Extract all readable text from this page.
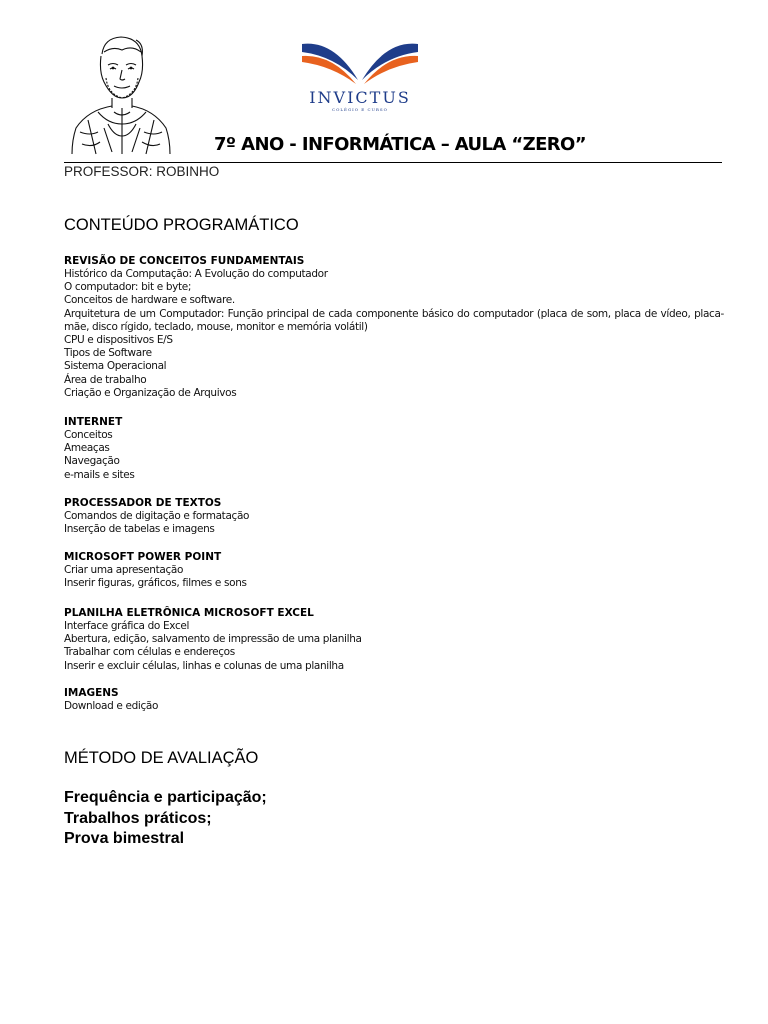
INVICTUS
COLÉGIO E CURSO
7º ANO - INFORMÁTICA – AULA “ZERO”
PROFESSOR: ROBINHO
CONTEÚDO PROGRAMÁTICO
REVISÃO DE CONCEITOS FUNDAMENTAIS
Histórico da Computação: A Evolução do computador
O computador: bit e byte;
Conceitos de hardware e software.
Arquitetura de um Computador: Função principal de cada componente básico do computador (placa de som, placa de vídeo, placa-mãe, disco rígido, teclado, mouse, monitor e memória volátil)
CPU e dispositivos E/S
Tipos de Software
Sistema Operacional
Área de trabalho
Criação e Organização de Arquivos
INTERNET
Conceitos
Ameaças
Navegação
e-mails e sites
PROCESSADOR DE TEXTOS
Comandos de digitação e formatação
Inserção de tabelas e imagens
MICROSOFT POWER POINT
Criar uma apresentação
Inserir figuras, gráficos, filmes e sons
PLANILHA ELETRÔNICA MICROSOFT EXCEL
Interface gráfica do Excel
Abertura, edição, salvamento de impressão de uma planilha
Trabalhar com células e endereços
Inserir e excluir células, linhas e colunas de uma planilha
IMAGENS
Download e edição
MÉTODO DE AVALIAÇÃO
Frequência e participação;
Trabalhos práticos;
Prova bimestral
